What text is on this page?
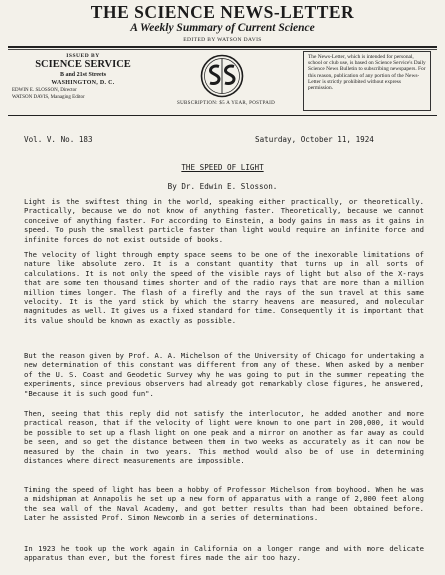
THE SCIENCE NEWS-LETTER
A Weekly Summary of Current Science
EDITED BY WATSON DAVIS
ISSUED BY
SCIENCE SERVICE
B and 21st Streets
WASHINGTON, D. C.
EDWIN E. SLOSSON, Director
WATSON DAVIS, Managing Editor
SUBSCRIPTION: $5 A YEAR, POSTPAID
The News-Letter, which is intended for personal, school or club use, is based on Science Service's Daily Science News Bulletin to subscribing newspapers. For this reason, publication of any portion of the News-Letter is strictly prohibited without express permission.
Vol. V. No. 183	Saturday, October 11, 1924
THE SPEED OF LIGHT
By Dr. Edwin E. Slosson.
Light is the swiftest thing in the world, speaking either practically, or theoretically. Practically, because we do not know of anything faster. Theoretically, because we cannot conceive of anything faster. For according to Einstein, a body gains in mass as it gains in speed. To push the smallest particle faster than light would require an infinite force and infinite forces do not exist outside of books.
The velocity of light through empty space seems to be one of the inexorable limitations of nature like absolute zero. It is a constant quantity that turns up in all sorts of calculations. It is not only the speed of the visible rays of light but also of the X-rays that are some ten thousand times shorter and of the radio rays that are more than a million million times longer. The flash of a firefly and the rays of the sun travel at this same velocity. It is the yard stick by which the starry heavens are measured, and molecular magnitudes as well. It gives us a fixed standard for time. Consequently it is important that its value should be known as exactly as possible.
But the reason given by Prof. A. A. Michelson of the University of Chicago for undertaking a new determination of this constant was different from any of these. When asked by a member of the U. S. Coast and Geodetic Survey why he was going to put in the summer repeating the experiments, since previous observers had already got remarkably close figures, he answered, "Because it is such good fun".
Then, seeing that this reply did not satisfy the interlocutor, he added another and more practical reason, that if the velocity of light were known to one part in 200,000, it would be possible to set up a flash light on one peak and a mirror on another as far away as could be seen, and so get the distance between them in two weeks as accurately as it can now be measured by the chain in two years. This method would also be of use in determining distances where direct measurements are impossible.
Timing the speed of light has been a hobby of Professor Michelson from boyhood. When he was a midshipman at Annapolis he set up a new form of apparatus with a range of 2,000 feet along the sea wall of the Naval Academy, and got better results than had been obtained before. Later he assisted Prof. Simon Newcomb in a series of determinations.
In 1923 he took up the work again in California on a longer range and with more delicate apparatus than ever, but the forest fires made the air too hazy.
